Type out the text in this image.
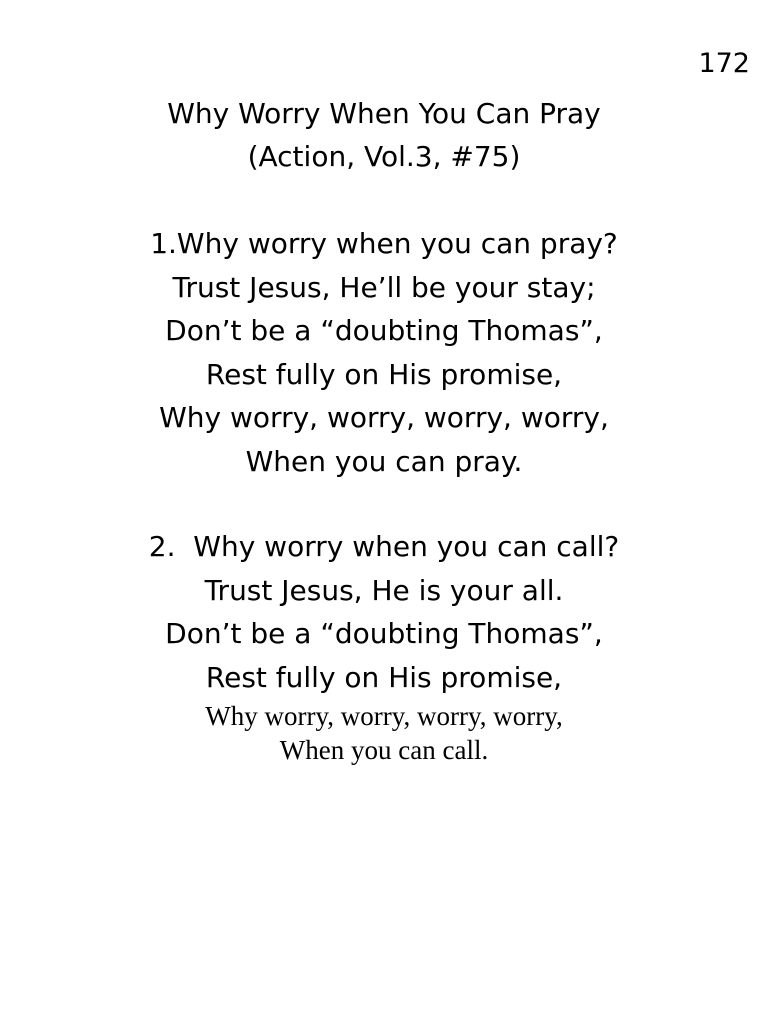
172
Why Worry When You Can Pray
(Action, Vol.3, #75)
1.Why worry when you can pray?
Trust Jesus, He’ll be your stay;
Don’t be a “doubting Thomas”,
Rest fully on His promise,
Why worry, worry, worry, worry,
When you can pray.
2.  Why worry when you can call?
Trust Jesus, He is your all.
Don’t be a “doubting Thomas”,
Rest fully on His promise,
Why worry, worry, worry, worry,
When you can call.
